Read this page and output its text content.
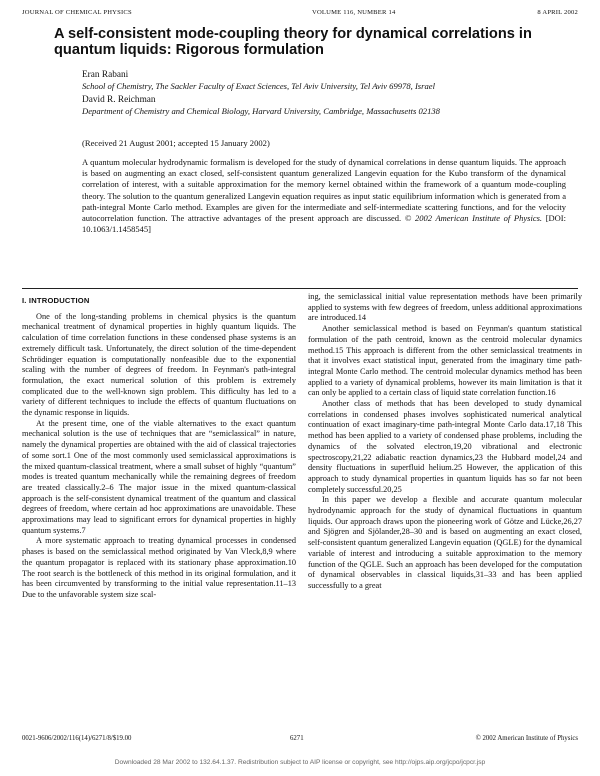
JOURNAL OF CHEMICAL PHYSICS	VOLUME 116, NUMBER 14	8 APRIL 2002
A self-consistent mode-coupling theory for dynamical correlations in quantum liquids: Rigorous formulation
Eran Rabani
School of Chemistry, The Sackler Faculty of Exact Sciences, Tel Aviv University, Tel Aviv 69978, Israel
David R. Reichman
Department of Chemistry and Chemical Biology, Harvard University, Cambridge, Massachusetts 02138
(Received 21 August 2001; accepted 15 January 2002)

A quantum molecular hydrodynamic formalism is developed for the study of dynamical correlations in dense quantum liquids. The approach is based on augmenting an exact closed, self-consistent quantum generalized Langevin equation for the Kubo transform of the dynamical correlation of interest, with a suitable approximation for the memory kernel obtained within the framework of a quantum mode-coupling theory. The solution to the quantum generalized Langevin equation requires as input static equilibrium information which is generated from a path-integral Monte Carlo method. Examples are given for the intermediate and self-intermediate scattering functions, and for the velocity autocorrelation function. The attractive advantages of the present approach are discussed. © 2002 American Institute of Physics. [DOI: 10.1063/1.1458545]

I. INTRODUCTION

One of the long-standing problems in chemical physics is the quantum mechanical treatment of dynamical properties in highly quantum liquids. The calculation of time correlation functions in these condensed phase systems is an extremely difficult task. Unfortunately, the direct solution of the time-dependent Schrödinger equation is computationally nonfeasible due to the exponential scaling with the number of degrees of freedom. In Feynman's path-integral formulation, the exact numerical solution of this problem is extremely complicated due to the well-known sign problem. This difficulty has led to a variety of different techniques to include the effects of quantum fluctuations on the dynamic response in liquids.

At the present time, one of the viable alternatives to the exact quantum mechanical solution is the use of techniques that are “semiclassical” in nature, namely the dynamical properties are obtained with the aid of classical trajectories of some sort.1 One of the most commonly used semiclassical approximations is the mixed quantum-classical treatment, where a small subset of highly “quantum” modes is treated quantum mechanically while the remaining degrees of freedom are treated classically.2–6 The major issue in the mixed quantum-classical approach is the self-consistent dynamical treatment of the quantum and classical degrees of freedom, where certain ad hoc approximations are unavoidable. These approximations may lead to significant errors for dynamical properties in highly quantum systems.7

A more systematic approach to treating dynamical processes in condensed phases is based on the semiclassical method originated by Van Vleck,8,9 where the quantum propagator is replaced with its stationary phase approximation.10 The root search is the bottleneck of this method in its original formulation, and it has been circumvented by transforming to the initial value representation.11–13 Due to the unfavorable system size scal-

ing, the semiclassical initial value representation methods have been primarily applied to systems with few degrees of freedom, unless additional approximations are introduced.14

Another semiclassical method is based on Feynman's quantum statistical formulation of the path centroid, known as the centroid molecular dynamics method.15 This approach is different from the other semiclassical treatments in that it involves exact statistical input, generated from the imaginary time path-integral Monte Carlo method. The centroid molecular dynamics method has been applied to a variety of dynamical problems, however its main limitation is that it can only be applied to a certain class of liquid state correlation function.16

Another class of methods that has been developed to study dynamical correlations in condensed phases involves sophisticated numerical analytical continuation of exact imaginary-time path-integral Monte Carlo data.17,18 This method has been applied to a variety of condensed phase problems, including the dynamics of the solvated electron,19,20 vibrational and electronic spectroscopy,21,22 adiabatic reaction dynamics,23 the Hubbard model,24 and density fluctuations in superfluid helium.25 However, the application of this approach to study dynamical properties in quantum liquids has so far not been completely successful.20,25

In this paper we develop a flexible and accurate quantum molecular hydrodynamic approach for the study of dynamical fluctuations in quantum liquids. Our approach draws upon the pioneering work of Götze and Lücke,26,27 and Sjögren and Sjölander,28–30 and is based on augmenting an exact closed, self-consistent quantum generalized Langevin equation (QGLE) for the dynamical variable of interest and introducing a suitable approximation to the memory function of the QGLE. Such an approach has been developed for the computation of dynamical observables in classical liquids,31–33 and has been applied successfully to a great

0021-9606/2002/116(14)/6271/8/$19.00	6271	© 2002 American Institute of Physics
Downloaded 28 Mar 2002 to 132.64.1.37. Redistribution subject to AIP license or copyright, see http://ojps.aip.org/jcpo/jcpcr.jsp
